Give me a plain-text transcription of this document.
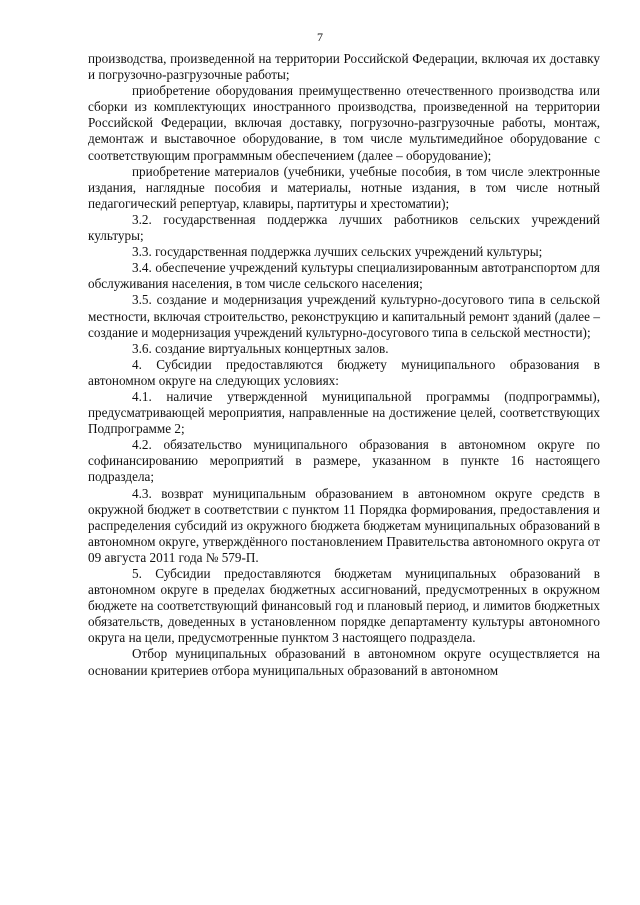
7

производства, произведенной на территории Российской Федерации, включая их доставку и погрузочно-разгрузочные работы;

приобретение оборудования преимущественно отечественного производства или сборки из комплектующих иностранного производства, произведенной на территории Российской Федерации, включая доставку, погрузочно-разгрузочные работы, монтаж, демонтаж и выставочное оборудование, в том числе мультимедийное оборудование с соответствующим программным обеспечением (далее – оборудование);

приобретение материалов (учебники, учебные пособия, в том числе электронные издания, наглядные пособия и материалы, нотные издания, в том числе нотный педагогический репертуар, клавиры, партитуры и хрестоматии);

3.2. государственная поддержка лучших работников сельских учреждений культуры;

3.3. государственная поддержка лучших сельских учреждений культуры;

3.4. обеспечение учреждений культуры специализированным автотранспортом для обслуживания населения, в том числе сельского населения;

3.5. создание и модернизация учреждений культурно-досугового типа в сельской местности, включая строительство, реконструкцию и капитальный ремонт зданий (далее – создание и модернизация учреждений культурно-досугового типа в сельской местности);

3.6. создание виртуальных концертных залов.

4. Субсидии предоставляются бюджету муниципального образования в автономном округе на следующих условиях:

4.1. наличие утвержденной муниципальной программы (подпрограммы), предусматривающей мероприятия, направленные на достижение целей, соответствующих Подпрограмме 2;

4.2. обязательство муниципального образования в автономном округе по софинансированию мероприятий в размере, указанном в пункте 16 настоящего подраздела;

4.3. возврат муниципальным образованием в автономном округе средств в окружной бюджет в соответствии с пунктом 11 Порядка формирования, предоставления и распределения субсидий из окружного бюджета бюджетам муниципальных образований в автономном округе, утверждённого постановлением Правительства автономного округа от 09 августа 2011 года № 579-П.

5. Субсидии предоставляются бюджетам муниципальных образований в автономном округе в пределах бюджетных ассигнований, предусмотренных в окружном бюджете на соответствующий финансовый год и плановый период, и лимитов бюджетных обязательств, доведенных в установленном порядке департаменту культуры автономного округа на цели, предусмотренные пунктом 3 настоящего подраздела.

Отбор муниципальных образований в автономном округе осуществляется на основании критериев отбора муниципальных образований в автономном
